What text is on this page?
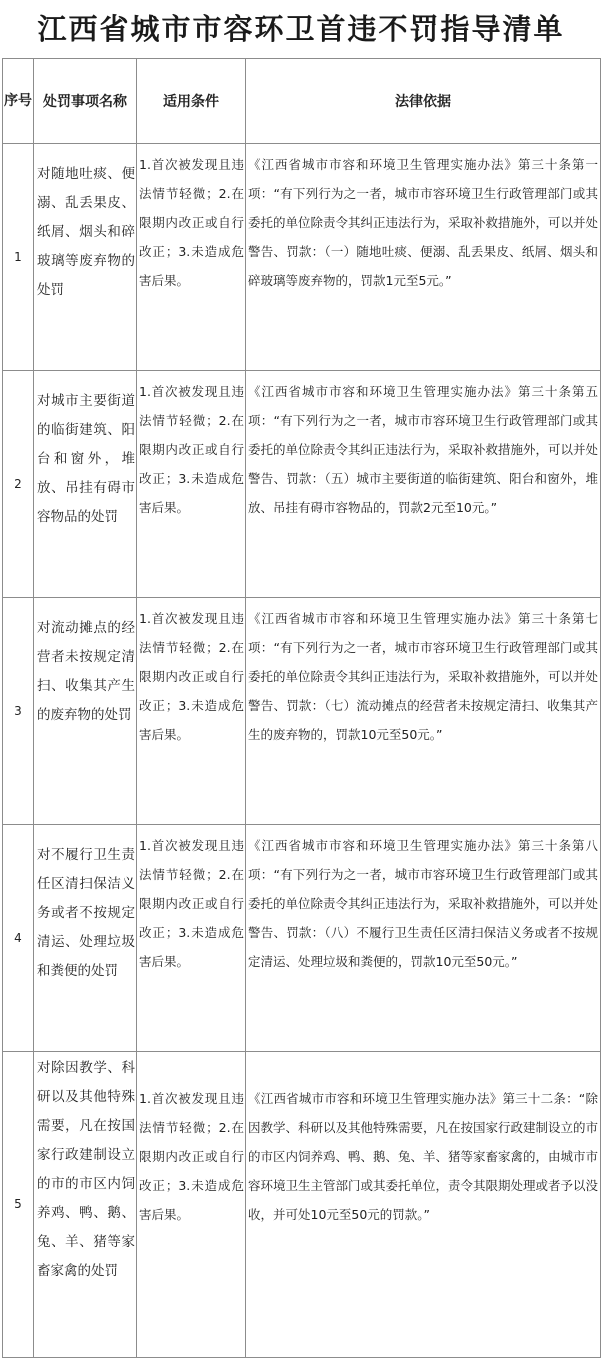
江西省城市市容环卫首违不罚指导清单
序号	处罚事项名称	适用条件	法律依据
1	对随地吐痰、便溺、乱丢果皮、纸屑、烟头和碎玻璃等废弃物的处罚	1.首次被发现且违法情节轻微；2.在限期内改正或自行改正；3.未造成危害后果。	《江西省城市市容和环境卫生管理实施办法》第三十条第一项：“有下列行为之一者，城市市容环境卫生行政管理部门或其委托的单位除责令其纠正违法行为，采取补救措施外，可以并处警告、罚款：（一）随地吐痰、便溺、乱丢果皮、纸屑、烟头和碎玻璃等废弃物的，罚款1元至5元。”

2	对城市主要街道的临街建筑、阳台和窗外，堆放、吊挂有碍市容物品的处罚	1.首次被发现且违法情节轻微；2.在限期内改正或自行改正；3.未造成危害后果。	《江西省城市市容和环境卫生管理实施办法》第三十条第五项：“有下列行为之一者，城市市容环境卫生行政管理部门或其委托的单位除责令其纠正违法行为，采取补救措施外，可以并处警告、罚款：（五）城市主要街道的临街建筑、阳台和窗外，堆放、吊挂有碍市容物品的，罚款2元至10元。”

3	对流动摊点的经营者未按规定清扫、收集其产生的废弃物的处罚	1.首次被发现且违法情节轻微；2.在限期内改正或自行改正；3.未造成危害后果。	《江西省城市市容和环境卫生管理实施办法》第三十条第七项：“有下列行为之一者，城市市容环境卫生行政管理部门或其委托的单位除责令其纠正违法行为，采取补救措施外，可以并处警告、罚款：（七）流动摊点的经营者未按规定清扫、收集其产生的废弃物的，罚款10元至50元。”

4	对不履行卫生责任区清扫保洁义务或者不按规定清运、处理垃圾和粪便的处罚	1.首次被发现且违法情节轻微；2.在限期内改正或自行改正；3.未造成危害后果。	《江西省城市市容和环境卫生管理实施办法》第三十条第八项：“有下列行为之一者，城市市容环境卫生行政管理部门或其委托的单位除责令其纠正违法行为，采取补救措施外，可以并处警告、罚款：（八）不履行卫生责任区清扫保洁义务或者不按规定清运、处理垃圾和粪便的，罚款10元至50元。”

5	对除因教学、科研以及其他特殊需要，凡在按国家行政建制设立的市的市区内饲养鸡、鸭、鹅、兔、羊、猪等家畜家禽的处罚	1.首次被发现且违法情节轻微；2.在限期内改正或自行改正；3.未造成危害后果。	《江西省城市市容和环境卫生管理实施办法》第三十二条：“除因教学、科研以及其他特殊需要，凡在按国家行政建制设立的市的市区内饲养鸡、鸭、鹅、兔、羊、猪等家畜家禽的，由城市市容环境卫生主管部门或其委托单位，责令其限期处理或者予以没收，并可处10元至50元的罚款。”
